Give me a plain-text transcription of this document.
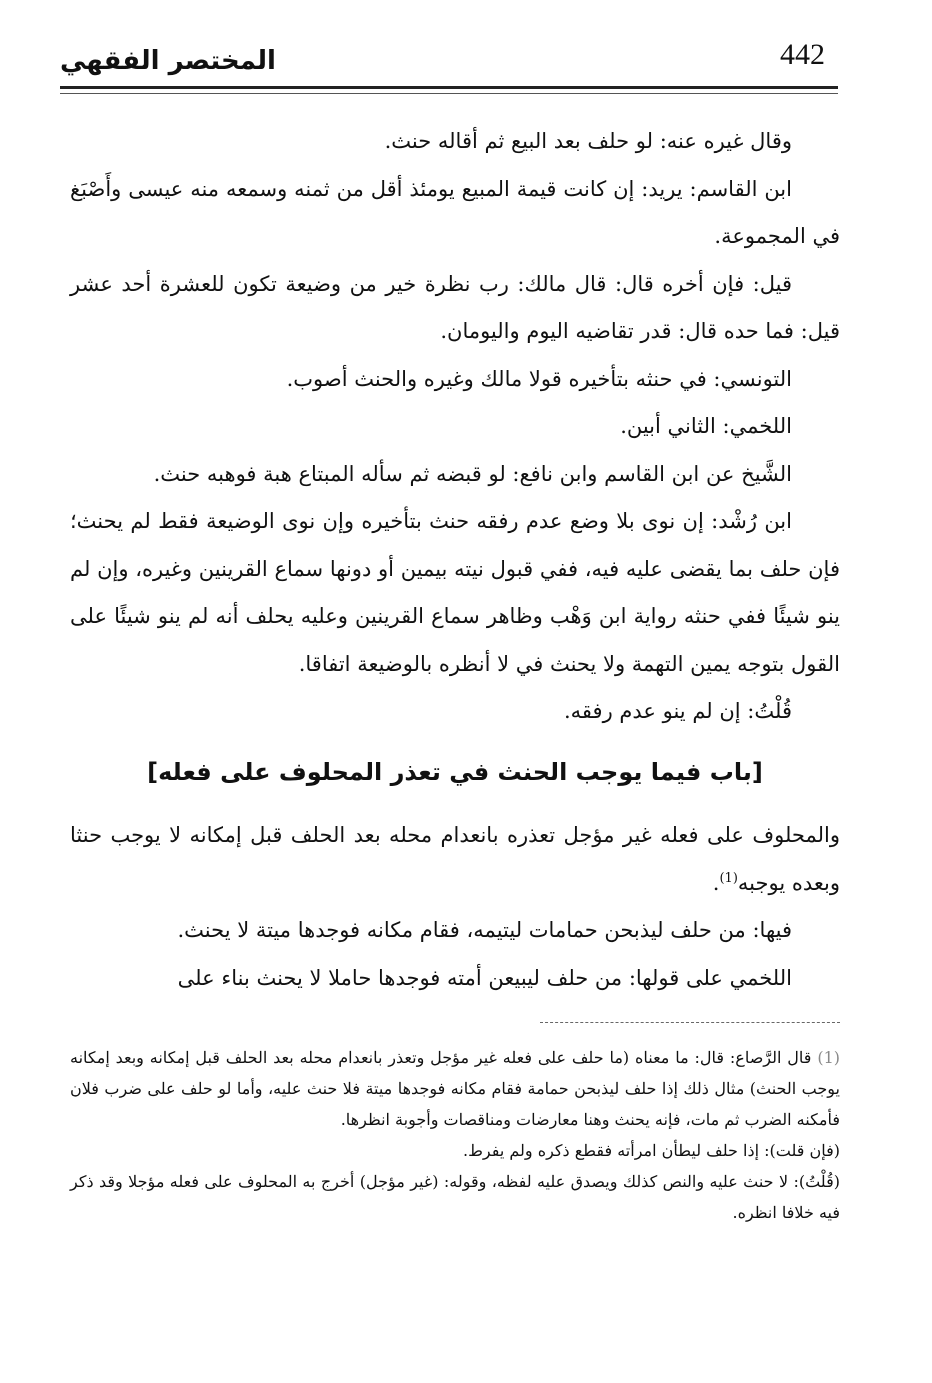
المختصر الفقهي	442

وقال غيره عنه: لو حلف بعد البيع ثم أقاله حنث.

ابن القاسم: يريد: إن كانت قيمة المبيع يومئذ أقل من ثمنه وسمعه منه عيسى وأَصْبَغ في المجموعة.

قيل: فإن أخره قال: قال مالك: رب نظرة خير من وضيعة تكون للعشرة أحد عشر قيل: فما حده قال: قدر تقاضيه اليوم واليومان.

التونسي: في حنثه بتأخيره قولا مالك وغيره والحنث أصوب.

اللخمي: الثاني أبين.

الشَّيخ عن ابن القاسم وابن نافع: لو قبضه ثم سأله المبتاع هبة فوهبه حنث.

ابن رُشْد: إن نوى بلا وضع عدم رفقه حنث بتأخيره وإن نوى الوضيعة فقط لم يحنث؛ فإن حلف بما يقضى عليه فيه، ففي قبول نيته بيمين أو دونها سماع القرينين وغيره، وإن لم ينو شيئًا ففي حنثه رواية ابن وَهْب وظاهر سماع القرينين وعليه يحلف أنه لم ينو شيئًا على القول بتوجه يمين التهمة ولا يحنث في لا أنظره بالوضيعة اتفاقا.

قُلْتُ: إن لم ينو عدم رفقه.

[باب فيما يوجب الحنث في تعذر المحلوف على فعله]

والمحلوف على فعله غير مؤجل تعذره بانعدام محله بعد الحلف قبل إمكانه لا يوجب حنثا وبعده يوجبه$^{(1)}$.

فيها: من حلف ليذبحن حمامات ليتيمه، فقام مكانه فوجدها ميتة لا يحنث.

اللخمي على قولها: من حلف ليبيعن أمته فوجدها حاملا لا يحنث بناء على

(1) قال الرَّصاع: قال: ما معناه (ما حلف على فعله غير مؤجل وتعذر بانعدام محله بعد الحلف قبل إمكانه وبعد إمكانه يوجب الحنث) مثال ذلك إذا حلف ليذبحن حمامة فقام مكانه فوجدها ميتة فلا حنث عليه، وأما لو حلف على ضرب فلان فأمكنه الضرب ثم مات، فإنه يحنث وهنا معارضات ومناقصات وأجوبة انظرها.

(فإن قلت): إذا حلف ليطأن امرأته فقطع ذكره ولم يفرط.

(قُلْتُ): لا حنث عليه والنص كذلك ويصدق عليه لفظه، وقوله: (غير مؤجل) أخرج به المحلوف على فعله مؤجلا وقد ذكر فيه خلافا انظره.
